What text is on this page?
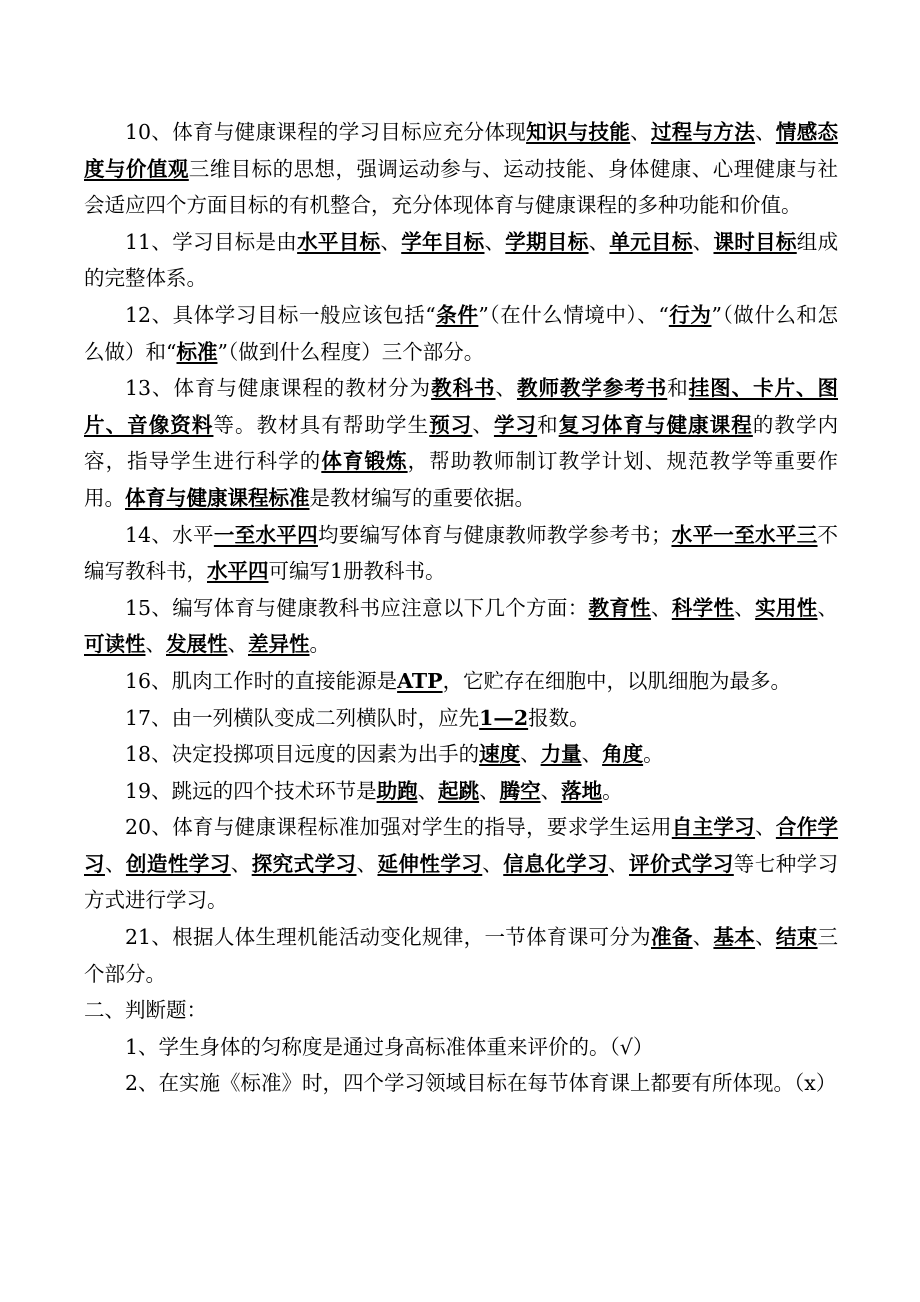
10、体育与健康课程的学习目标应充分体现知识与技能、过程与方法、情感态度与价值观三维目标的思想，强调运动参与、运动技能、身体健康、心理健康与社会适应四个方面目标的有机整合，充分体现体育与健康课程的多种功能和价值。

11、学习目标是由水平目标、学年目标、学期目标、单元目标、课时目标组成的完整体系。

12、具体学习目标一般应该包括“条件”（在什么情境中）、“行为”（做什么和怎么做）和“标准”（做到什么程度）三个部分。

13、体育与健康课程的教材分为教科书、教师教学参考书和挂图、卡片、图片、音像资料等。教材具有帮助学生预习、学习和复习体育与健康课程的教学内容，指导学生进行科学的体育锻炼，帮助教师制订教学计划、规范教学等重要作用。体育与健康课程标准是教材编写的重要依据。

14、水平一至水平四均要编写体育与健康教师教学参考书；水平一至水平三不编写教科书，水平四可编写1册教科书。

15、编写体育与健康教科书应注意以下几个方面：教育性、科学性、实用性、可读性、发展性、差异性。

16、肌肉工作时的直接能源是ATP，它贮存在细胞中，以肌细胞为最多。

17、由一列横队变成二列横队时，应先1—2报数。

18、决定投掷项目远度的因素为出手的速度、力量、角度。

19、跳远的四个技术环节是助跑、起跳、腾空、落地。

20、体育与健康课程标准加强对学生的指导，要求学生运用自主学习、合作学习、创造性学习、探究式学习、延伸性学习、信息化学习、评价式学习等七种学习方式进行学习。

21、根据人体生理机能活动变化规律，一节体育课可分为准备、基本、结束三个部分。

二、判断题：

1、学生身体的匀称度是通过身高标准体重来评价的。（√）

2、在实施《标准》时，四个学习领域目标在每节体育课上都要有所体现。（x）
